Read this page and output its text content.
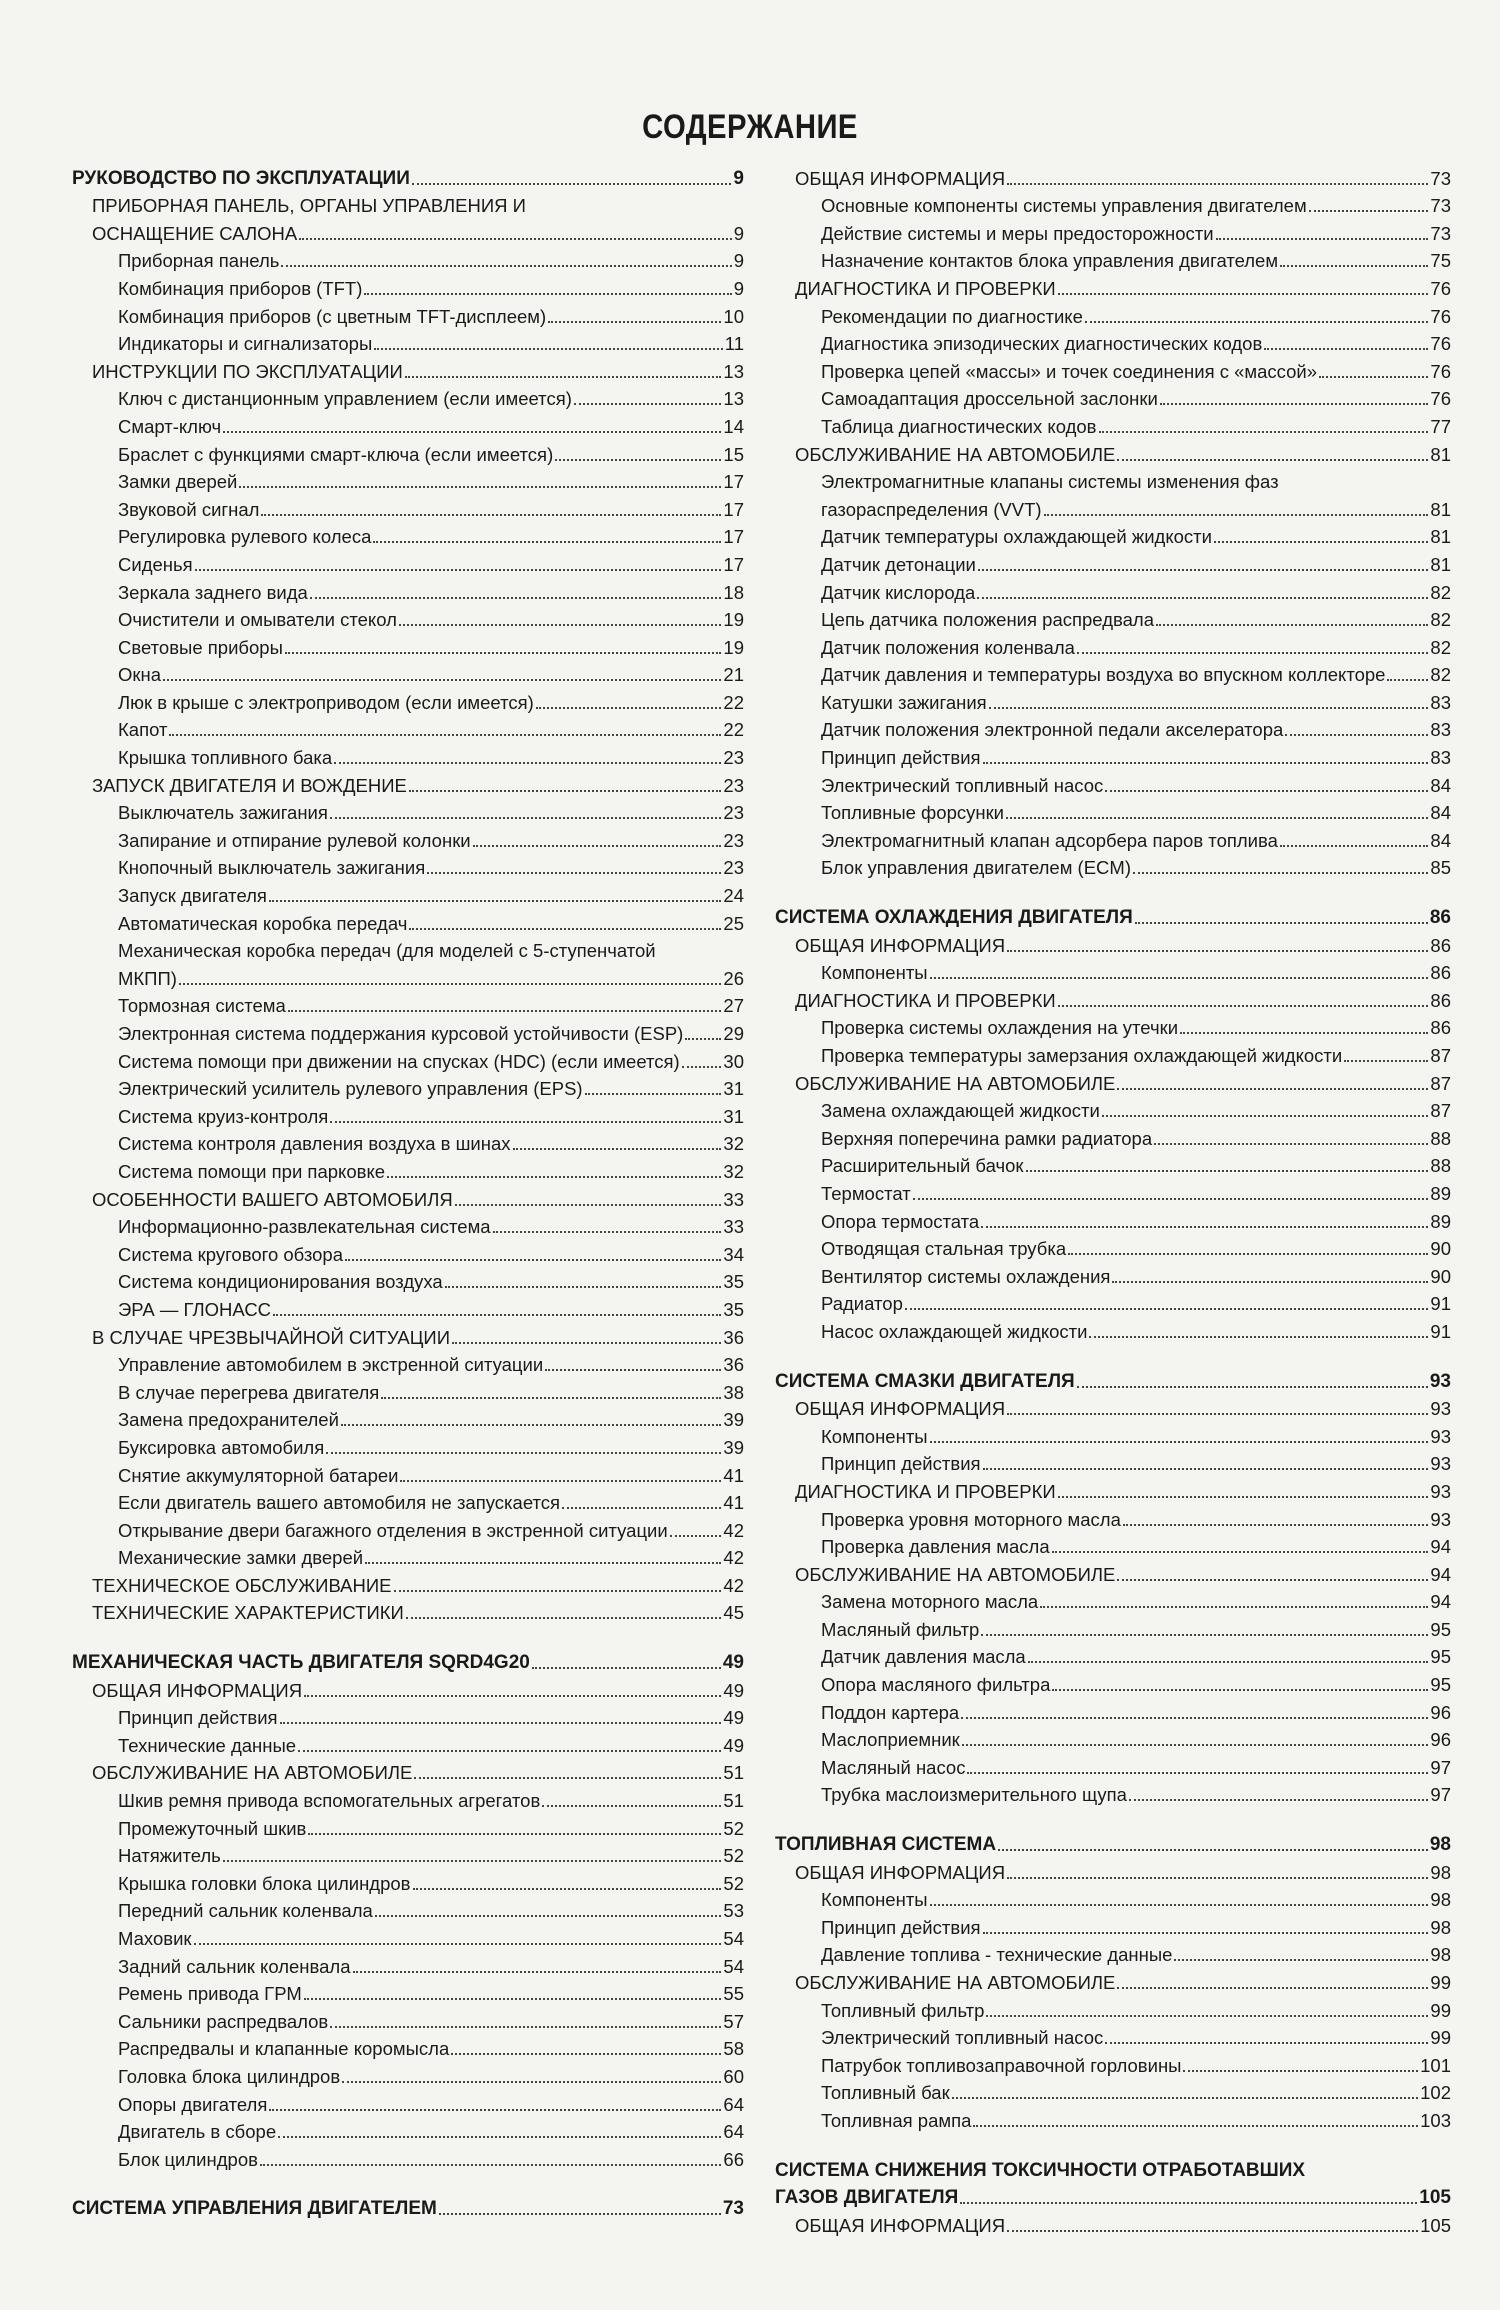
СОДЕРЖАНИЕ
РУКОВОДСТВО ПО ЭКСПЛУАТАЦИИ	9
ПРИБОРНАЯ ПАНЕЛЬ, ОРГАНЫ УПРАВЛЕНИЯ И
ОСНАЩЕНИЕ САЛОНА	9
Приборная панель	9
Комбинация приборов (TFT)	9
Комбинация приборов (с цветным TFT-дисплеем)	10
Индикаторы и сигнализаторы	11
ИНСТРУКЦИИ ПО ЭКСПЛУАТАЦИИ	13
Ключ с дистанционным управлением (если имеется)	13
Смарт-ключ	14
Браслет с функциями смарт-ключа (если имеется)	15
Замки дверей	17
Звуковой сигнал	17
Регулировка рулевого колеса	17
Сиденья	17
Зеркала заднего вида	18
Очистители и омыватели стекол	19
Световые приборы	19
Окна	21
Люк в крыше с электроприводом (если имеется)	22
Капот	22
Крышка топливного бака	23
ЗАПУСК ДВИГАТЕЛЯ И ВОЖДЕНИЕ	23
Выключатель зажигания	23
Запирание и отпирание рулевой колонки	23
Кнопочный выключатель зажигания	23
Запуск двигателя	24
Автоматическая коробка передач	25
Механическая коробка передач (для моделей с 5-ступенчатой
МКПП)	26
Тормозная система	27
Электронная система поддержания курсовой устойчивости (ESP) 29
Система помощи при движении на спусках (HDC) (если имеется) 30
Электрический усилитель рулевого управления (EPS)	31
Система круиз-контроля	31
Система контроля давления воздуха в шинах	32
Система помощи при парковке	32
ОСОБЕННОСТИ ВАШЕГО АВТОМОБИЛЯ	33
Информационно-развлекательная система	33
Система кругового обзора	34
Система кондиционирования воздуха	35
ЭРА — ГЛОНАСС	35
В СЛУЧАЕ ЧРЕЗВЫЧАЙНОЙ СИТУАЦИИ	36
Управление автомобилем в экстренной ситуации	36
В случае перегрева двигателя	38
Замена предохранителей	39
Буксировка автомобиля	39
Снятие аккумуляторной батареи	41
Если двигатель вашего автомобиля не запускается	41
Открывание двери багажного отделения в экстренной ситуации	42
Механические замки дверей	42
ТЕХНИЧЕСКОЕ ОБСЛУЖИВАНИЕ	42
ТЕХНИЧЕСКИЕ ХАРАКТЕРИСТИКИ	45
МЕХАНИЧЕСКАЯ ЧАСТЬ ДВИГАТЕЛЯ SQRD4G20	49
ОБЩАЯ ИНФОРМАЦИЯ	49
Принцип действия	49
Технические данные	49
ОБСЛУЖИВАНИЕ НА АВТОМОБИЛЕ	51
Шкив ремня привода вспомогательных агрегатов	51
Промежуточный шкив	52
Натяжитель	52
Крышка головки блока цилиндров	52
Передний сальник коленвала	53
Маховик	54
Задний сальник коленвала	54
Ремень привода ГРМ	55
Сальники распредвалов	57
Распредвалы и клапанные коромысла	58
Головка блока цилиндров	60
Опоры двигателя	64
Двигатель в сборе	64
Блок цилиндров	66
СИСТЕМА УПРАВЛЕНИЯ ДВИГАТЕЛЕМ	73
ОБЩАЯ ИНФОРМАЦИЯ	73
Основные компоненты системы управления двигателем	73
Действие системы и меры предосторожности	73
Назначение контактов блока управления двигателем	75
ДИАГНОСТИКА И ПРОВЕРКИ	76
Рекомендации по диагностике	76
Диагностика эпизодических диагностических кодов	76
Проверка цепей «массы» и точек соединения с «массой»	76
Самоадаптация дроссельной заслонки	76
Таблица диагностических кодов	77
ОБСЛУЖИВАНИЕ НА АВТОМОБИЛЕ	81
Электромагнитные клапаны системы изменения фаз
газораспределения (VVT)	81
Датчик температуры охлаждающей жидкости	81
Датчик детонации	81
Датчик кислорода	82
Цепь датчика положения распредвала	82
Датчик положения коленвала	82
Датчик давления и температуры воздуха во впускном коллекторе 82
Катушки зажигания	83
Датчик положения электронной педали акселератора	83
Принцип действия	83
Электрический топливный насос	84
Топливные форсунки	84
Электромагнитный клапан адсорбера паров топлива	84
Блок управления двигателем (ECM)	85
СИСТЕМА ОХЛАЖДЕНИЯ ДВИГАТЕЛЯ	86
ОБЩАЯ ИНФОРМАЦИЯ	86
Компоненты	86
ДИАГНОСТИКА И ПРОВЕРКИ	86
Проверка системы охлаждения на утечки	86
Проверка температуры замерзания охлаждающей жидкости	87
ОБСЛУЖИВАНИЕ НА АВТОМОБИЛЕ	87
Замена охлаждающей жидкости	87
Верхняя поперечина рамки радиатора	88
Расширительный бачок	88
Термостат	89
Опора термостата	89
Отводящая стальная трубка	90
Вентилятор системы охлаждения	90
Радиатор	91
Насос охлаждающей жидкости	91
СИСТЕМА СМАЗКИ ДВИГАТЕЛЯ	93
ОБЩАЯ ИНФОРМАЦИЯ	93
Компоненты	93
Принцип действия	93
ДИАГНОСТИКА И ПРОВЕРКИ	93
Проверка уровня моторного масла	93
Проверка давления масла	94
ОБСЛУЖИВАНИЕ НА АВТОМОБИЛЕ	94
Замена моторного масла	94
Масляный фильтр	95
Датчик давления масла	95
Опора масляного фильтра	95
Поддон картера	96
Маслоприемник	96
Масляный насос	97
Трубка маслоизмерительного щупа	97
ТОПЛИВНАЯ СИСТЕМА	98
ОБЩАЯ ИНФОРМАЦИЯ	98
Компоненты	98
Принцип действия	98
Давление топлива - технические данные	98
ОБСЛУЖИВАНИЕ НА АВТОМОБИЛЕ	99
Топливный фильтр	99
Электрический топливный насос	99
Патрубок топливозаправочной горловины	101
Топливный бак	102
Топливная рампа	103
СИСТЕМА СНИЖЕНИЯ ТОКСИЧНОСТИ ОТРАБОТАВШИХ
ГАЗОВ ДВИГАТЕЛЯ	105
ОБЩАЯ ИНФОРМАЦИЯ	105
